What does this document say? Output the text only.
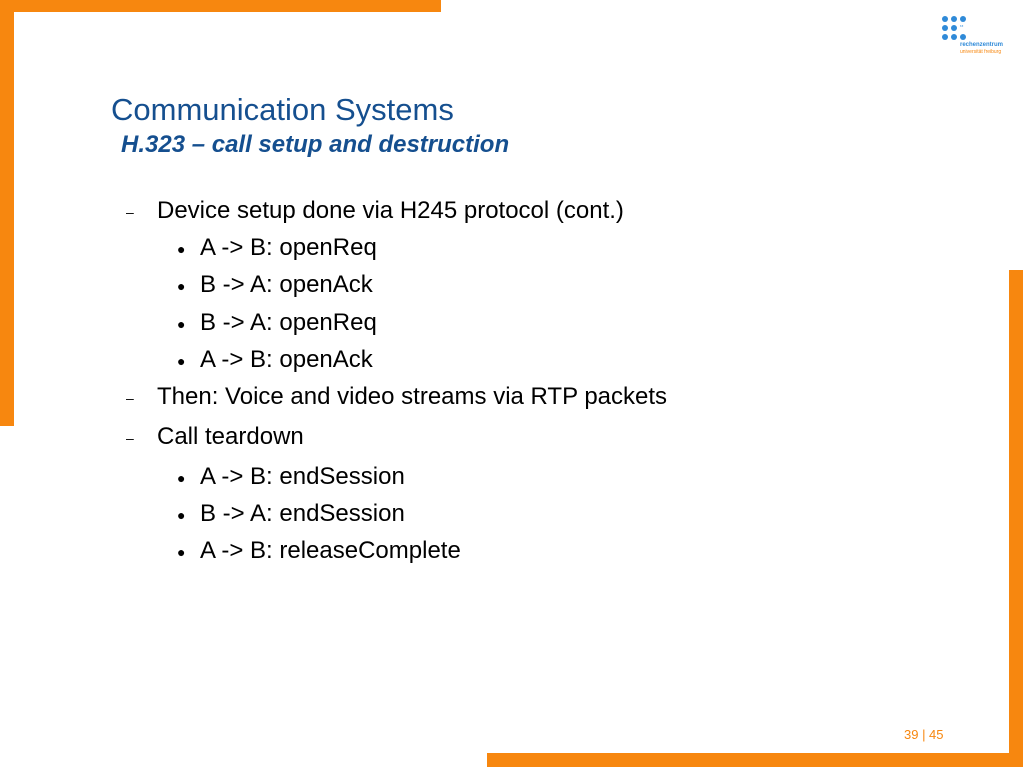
rz
rechenzentrum
universität freiburg
Communication Systems
H.323 – call setup and destruction
– Device setup done via H245 protocol (cont.)
● A -> B: openReq
● B -> A: openAck
● B -> A: openReq
● A -> B: openAck
– Then: Voice and video streams via RTP packets
– Call teardown
● A -> B: endSession
● B -> A: endSession
● A -> B: releaseComplete
39 | 45
